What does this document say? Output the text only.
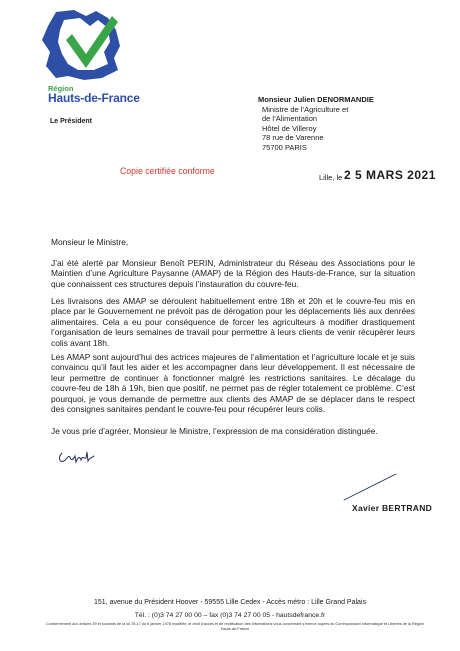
Région
Hauts-de-France
Le Président
Monsieur Julien DENORMANDIE
Ministre de l’Agriculture et
de l’Alimentation
Hôtel de Villeroy
78 rue de Varenne
75700 PARIS
Copie certifiée conforme
Lille, le 2 5 MARS 2021
Monsieur le Ministre,
J’ai été alerté par Monsieur Benoît PERIN, Administrateur du Réseau des Associations pour le Maintien d’une Agriculture Paysanne (AMAP) de la Région des Hauts-de-France, sur la situation que connaissent ces structures depuis l’instauration du couvre-feu.
Les livraisons des AMAP se déroulent habituellement entre 18h et 20h et le couvre-feu mis en place par le Gouvernement ne prévoit pas de dérogation pour les déplacements liés aux denrées alimentaires. Cela a eu pour conséquence de forcer les agriculteurs à modifier drastiquement l’organisation de leurs semaines de travail pour permettre à leurs clients de venir récupérer leurs colis avant 18h.
Les AMAP sont aujourd’hui des actrices majeures de l’alimentation et l’agriculture locale et je suis convaincu qu’il faut les aider et les accompagner dans leur développement. Il est nécessaire de leur permettre de continuer à fonctionner malgré les restrictions sanitaires. Le décalage du couvre-feu de 18h à 19h, bien que positif, ne permet pas de régler totalement ce problème. C’est pourquoi, je vous demande de permettre aux clients des AMAP de se déplacer dans le respect des consignes sanitaires pendant le couvre-feu pour récupérer leurs colis.
Je vous prie d’agréer, Monsieur le Ministre, l’expression de ma considération distinguée.
Xavier BERTRAND
151, avenue du Président Hoover - 59555 Lille Cedex - Accès métro : Lille Grand Palais
Tél. : (0)3 74 27 00 00 – fax (0)3 74 27 00 05 - hautsdefrance.fr
Conformément aux articles 39 et suivants de la loi 78-17 du 6 janvier 1978 modifiée, le droit d’accès et de rectification des informations vous concernant s’exerce auprès du Correspondant Informatique et Libertés de la Région Hauts-de-France
